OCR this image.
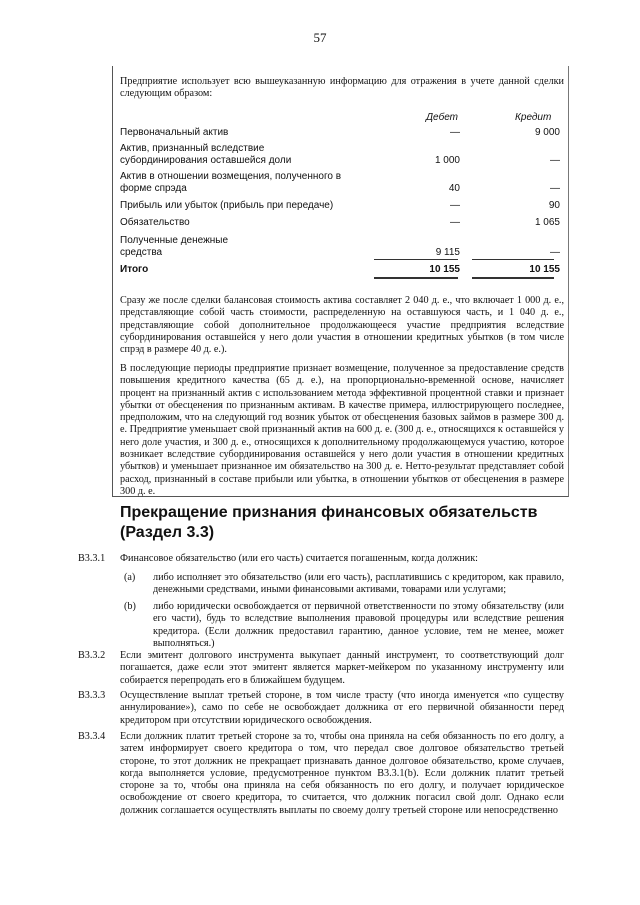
57
Предприятие использует всю вышеуказанную информацию для отражения в учете данной сделки следующим образом:
Дебет	Кредит
Первоначальный актив	—	9 000
Актив, признанный вследствие субординирования оставшейся доли	1 000	—
Актив в отношении возмещения, полученного в форме спрэда	40	—
Прибыль или убыток (прибыль при передаче)	—	90
Обязательство	—	1 065
Полученные денежные средства	9 115	—
Итого	10 155	10 155
Сразу же после сделки балансовая стоимость актива составляет 2 040 д. е., что включает 1 000 д. е., представляющие собой часть стоимости, распределенную на оставшуюся часть, и 1 040 д. е., представляющие собой дополнительное продолжающееся участие предприятия вследствие субординирования оставшейся у него доли участия в отношении кредитных убытков (в том числе спрэд в размере 40 д. е.).
В последующие периоды предприятие признает возмещение, полученное за предоставление средств повышения кредитного качества (65 д. е.), на пропорционально-временной основе, начисляет процент на признанный актив с использованием метода эффективной процентной ставки и признает убытки от обесценения по признанным активам. В качестве примера, иллюстрирующего последнее, предположим, что на следующий год возник убыток от обесценения базовых займов в размере 300 д. е. Предприятие уменьшает свой признанный актив на 600 д. е. (300 д. е., относящихся к оставшейся у него доле участия, и 300 д. е., относящихся к дополнительному продолжающемуся участию, которое возникает вследствие субординирования оставшейся у него доли участия в отношении кредитных убытков) и уменьшает признанное им обязательство на 300 д. е. Нетто-результат представляет собой расход, признанный в составе прибыли или убытка, в отношении убытков от обесценения в размере 300 д. е.
Прекращение признания финансовых обязательств
(Раздел 3.3)
B3.3.1 Финансовое обязательство (или его часть) считается погашенным, когда должник:
(a) либо исполняет это обязательство (или его часть), расплатившись с кредитором, как правило, денежными средствами, иными финансовыми активами, товарами или услугами;
(b) либо юридически освобождается от первичной ответственности по этому обязательству (или его части), будь то вследствие выполнения правовой процедуры или вследствие решения кредитора. (Если должник предоставил гарантию, данное условие, тем не менее, может выполняться.)
B3.3.2 Если эмитент долгового инструмента выкупает данный инструмент, то соответствующий долг погашается, даже если этот эмитент является маркет-мейкером по указанному инструменту или собирается перепродать его в ближайшем будущем.
B3.3.3 Осуществление выплат третьей стороне, в том числе трасту (что иногда именуется «по существу аннулирование»), само по себе не освобождает должника от его первичной обязанности перед кредитором при отсутствии юридического освобождения.
B3.3.4 Если должник платит третьей стороне за то, чтобы она приняла на себя обязанность по его долгу, а затем информирует своего кредитора о том, что передал свое долговое обязательство третьей стороне, то этот должник не прекращает признавать данное долговое обязательство, кроме случаев, когда выполняется условие, предусмотренное пунктом B3.3.1(b). Если должник платит третьей стороне за то, чтобы она приняла на себя обязанность по его долгу, и получает юридическое освобождение от своего кредитора, то считается, что должник погасил свой долг. Однако если должник соглашается осуществлять выплаты по своему долгу третьей стороне или непосредственно
